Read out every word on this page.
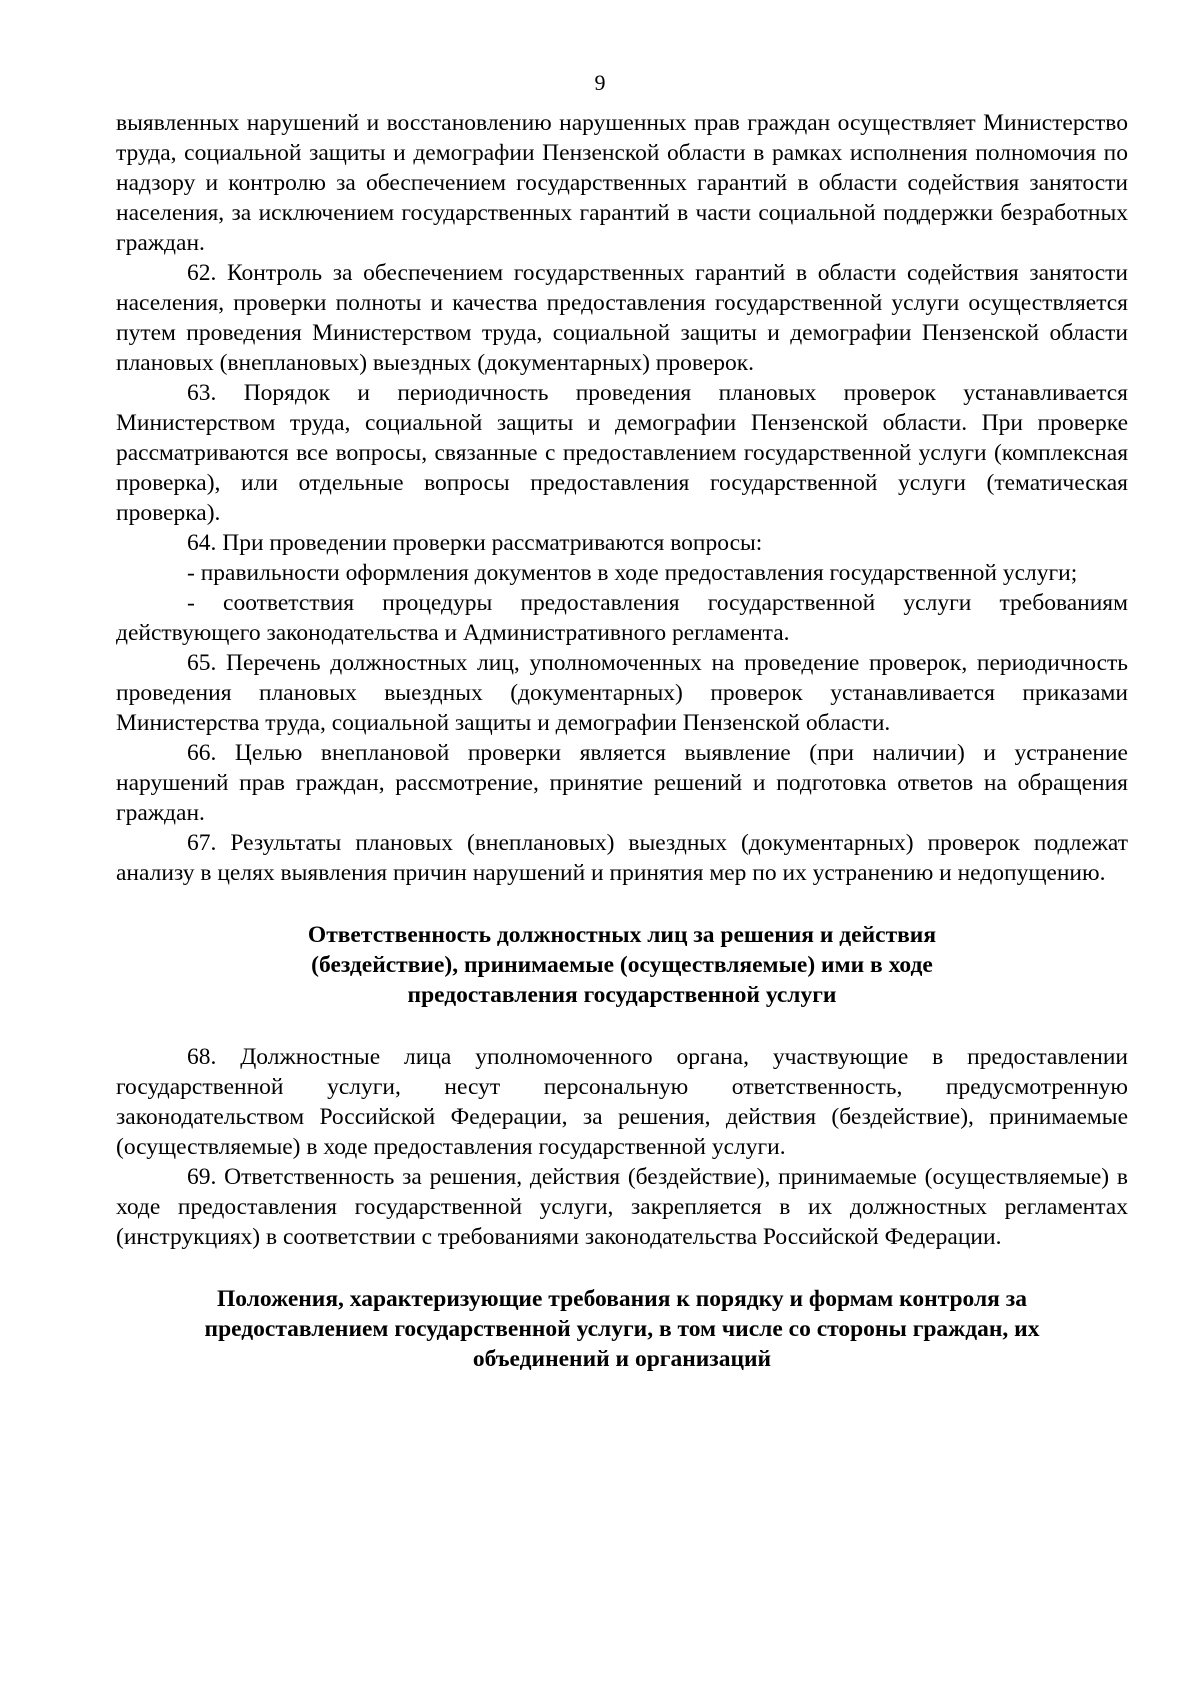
9

выявленных нарушений и восстановлению нарушенных прав граждан осуществляет Министерство труда, социальной защиты и демографии Пензенской области в рамках исполнения полномочия по надзору и контролю за обеспечением государственных гарантий в области содействия занятости населения, за исключением государственных гарантий в части социальной поддержки безработных граждан.

62. Контроль за обеспечением государственных гарантий в области содействия занятости населения, проверки полноты и качества предоставления государственной услуги осуществляется путем проведения Министерством труда, социальной защиты и демографии Пензенской области плановых (внеплановых) выездных (документарных) проверок.

63. Порядок и периодичность проведения плановых проверок устанавливается Министерством труда, социальной защиты и демографии Пензенской области. При проверке рассматриваются все вопросы, связанные с предоставлением государственной услуги (комплексная проверка), или отдельные вопросы предоставления государственной услуги (тематическая проверка).

64. При проведении проверки рассматриваются вопросы:

- правильности оформления документов в ходе предоставления государственной услуги;

- соответствия процедуры предоставления государственной услуги требованиям действующего законодательства и Административного регламента.

65. Перечень должностных лиц, уполномоченных на проведение проверок, периодичность проведения плановых выездных (документарных) проверок устанавливается приказами Министерства труда, социальной защиты и демографии Пензенской области.

66. Целью внеплановой проверки является выявление (при наличии) и устранение нарушений прав граждан, рассмотрение, принятие решений и подготовка ответов на обращения граждан.

67. Результаты плановых (внеплановых) выездных (документарных) проверок подлежат анализу в целях выявления причин нарушений и принятия мер по их устранению и недопущению.

Ответственность должностных лиц за решения и действия
(бездействие), принимаемые (осуществляемые) ими в ходе
предоставления государственной услуги

68. Должностные лица уполномоченного органа, участвующие в предоставлении государственной услуги, несут персональную ответственность, предусмотренную законодательством Российской Федерации, за решения, действия (бездействие), принимаемые (осуществляемые) в ходе предоставления государственной услуги.

69. Ответственность за решения, действия (бездействие), принимаемые (осуществляемые) в ходе предоставления государственной услуги, закрепляется в их должностных регламентах (инструкциях) в соответствии с требованиями законодательства Российской Федерации.

Положения, характеризующие требования к порядку и формам контроля за
предоставлением государственной услуги, в том числе со стороны граждан, их
объединений и организаций
